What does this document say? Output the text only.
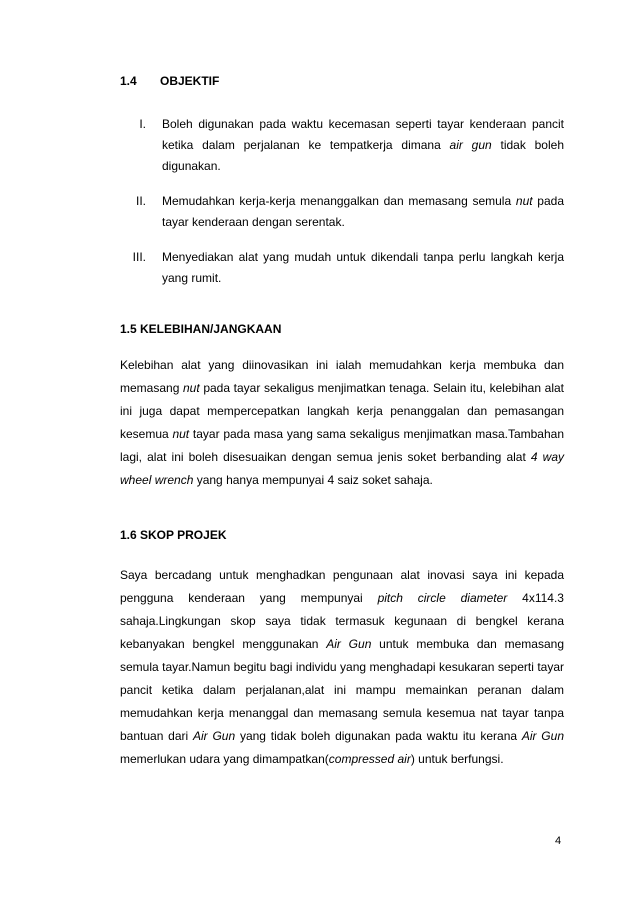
1.4 OBJEKTIF
I. Boleh digunakan pada waktu kecemasan seperti tayar kenderaan pancit ketika dalam perjalanan ke tempatkerja dimana air gun tidak boleh digunakan.
II. Memudahkan kerja-kerja menanggalkan dan memasang semula nut pada tayar kenderaan dengan serentak.
III. Menyediakan alat yang mudah untuk dikendali tanpa perlu langkah kerja yang rumit.
1.5 KELEBIHAN/JANGKAAN
Kelebihan alat yang diinovasikan ini ialah memudahkan kerja membuka dan memasang nut pada tayar sekaligus menjimatkan tenaga. Selain itu, kelebihan alat ini juga dapat mempercepatkan langkah kerja penanggalan dan pemasangan kesemua nut tayar pada masa yang sama sekaligus menjimatkan masa.Tambahan lagi, alat ini boleh disesuaikan dengan semua jenis soket berbanding alat 4 way wheel wrench yang hanya mempunyai 4 saiz soket sahaja.
1.6 SKOP PROJEK
Saya bercadang untuk menghadkan pengunaan alat inovasi saya ini kepada pengguna kenderaan yang mempunyai pitch circle diameter 4x114.3 sahaja.Lingkungan skop saya tidak termasuk kegunaan di bengkel kerana kebanyakan bengkel menggunakan Air Gun untuk membuka dan memasang semula tayar.Namun begitu bagi individu yang menghadapi kesukaran seperti tayar pancit ketika dalam perjalanan,alat ini mampu memainkan peranan dalam memudahkan kerja menanggal dan memasang semula kesemua nat tayar tanpa bantuan dari Air Gun yang tidak boleh digunakan pada waktu itu kerana Air Gun memerlukan udara yang dimampatkan(compressed air) untuk berfungsi.
4
